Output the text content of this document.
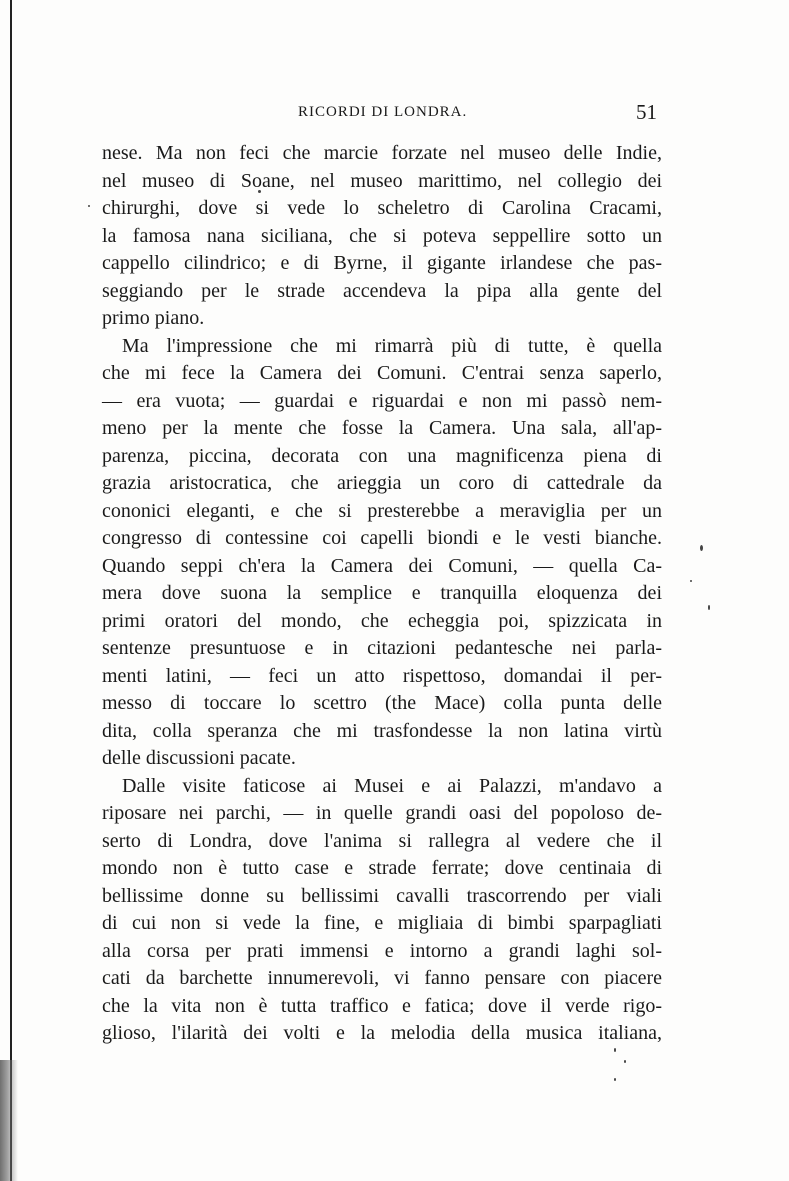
RICORDI DI LONDRA.	51
nese. Ma non feci che marcie forzate nel museo delle Indie,
nel museo di Soane, nel museo marittimo, nel collegio dei
chirurghi, dove si vede lo scheletro di Carolina Cracami,
la famosa nana siciliana, che si poteva seppellire sotto un
cappello cilindrico; e di Byrne, il gigante irlandese che pas-
seggiando per le strade accendeva la pipa alla gente del
primo piano.
Ma l'impressione che mi rimarrà più di tutte, è quella
che mi fece la Camera dei Comuni. C'entrai senza saperlo,
— era vuota; — guardai e riguardai e non mi passò nem-
meno per la mente che fosse la Camera. Una sala, all'ap-
parenza, piccina, decorata con una magnificenza piena di
grazia aristocratica, che arieggia un coro di cattedrale da
cononici eleganti, e che si presterebbe a meraviglia per un
congresso di contessine coi capelli biondi e le vesti bianche.
Quando seppi ch'era la Camera dei Comuni, — quella Ca-
mera dove suona la semplice e tranquilla eloquenza dei
primi oratori del mondo, che echeggia poi, spizzicata in
sentenze presuntuose e in citazioni pedantesche nei parla-
menti latini, — feci un atto rispettoso, domandai il per-
messo di toccare lo scettro (the Mace) colla punta delle
dita, colla speranza che mi trasfondesse la non latina virtù
delle discussioni pacate.
Dalle visite faticose ai Musei e ai Palazzi, m'andavo a
riposare nei parchi, — in quelle grandi oasi del popoloso de-
serto di Londra, dove l'anima si rallegra al vedere che il
mondo non è tutto case e strade ferrate; dove centinaia di
bellissime donne su bellissimi cavalli trascorrendo per viali
di cui non si vede la fine, e migliaia di bimbi sparpagliati
alla corsa per prati immensi e intorno a grandi laghi sol-
cati da barchette innumerevoli, vi fanno pensare con piacere
che la vita non è tutta traffico e fatica; dove il verde rigo-
glioso, l'ilarità dei volti e la melodia della musica italiana,
